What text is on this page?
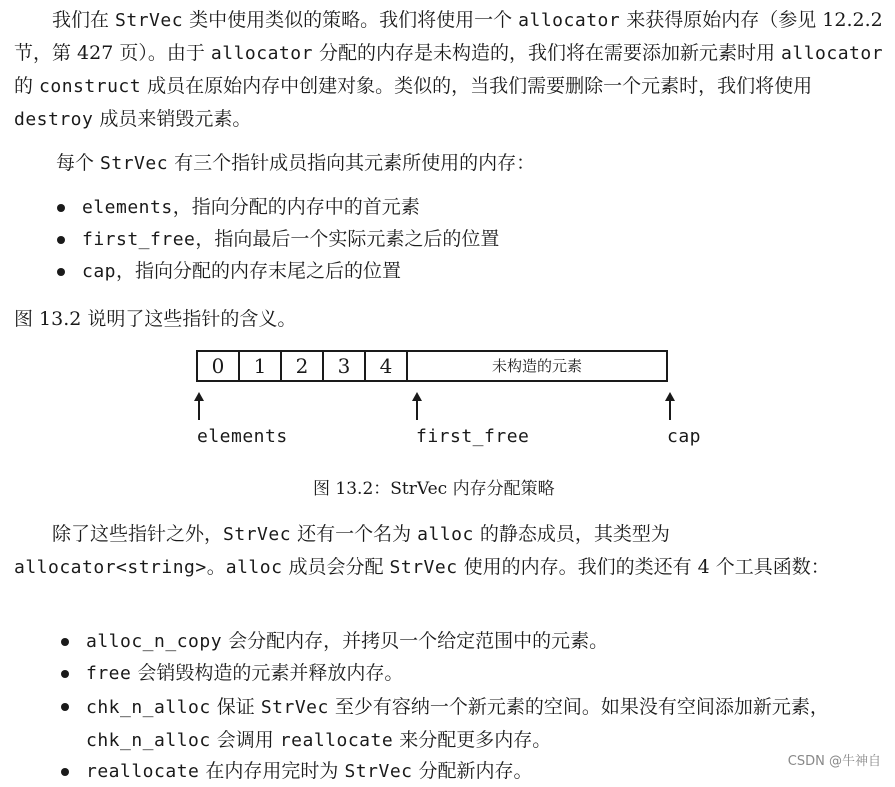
我们在 StrVec 类中使用类似的策略。我们将使用一个 allocator 来获得原始内存（参见 12.2.2 节，第 427 页）。由于 allocator 分配的内存是未构造的，我们将在需要添加新元素时用 allocator 的 construct 成员在原始内存中创建对象。类似的，当我们需要删除一个元素时，我们将使用 destroy 成员来销毁元素。
每个 StrVec 有三个指针成员指向其元素所使用的内存：
elements，指向分配的内存中的首元素
first_free，指向最后一个实际元素之后的位置
cap，指向分配的内存末尾之后的位置
图 13.2 说明了这些指针的含义。
0	1	2	3	4	未构造的元素
elements	first_free	cap
图 13.2：StrVec 内存分配策略
除了这些指针之外，StrVec 还有一个名为 alloc 的静态成员，其类型为 allocator<string>。alloc 成员会分配 StrVec 使用的内存。我们的类还有 4 个工具函数：
alloc_n_copy 会分配内存，并拷贝一个给定范围中的元素。
free 会销毁构造的元素并释放内存。
chk_n_alloc 保证 StrVec 至少有容纳一个新元素的空间。如果没有空间添加新元素，chk_n_alloc 会调用 reallocate 来分配更多内存。
reallocate 在内存用完时为 StrVec 分配新内存。	CSDN @牛神自
